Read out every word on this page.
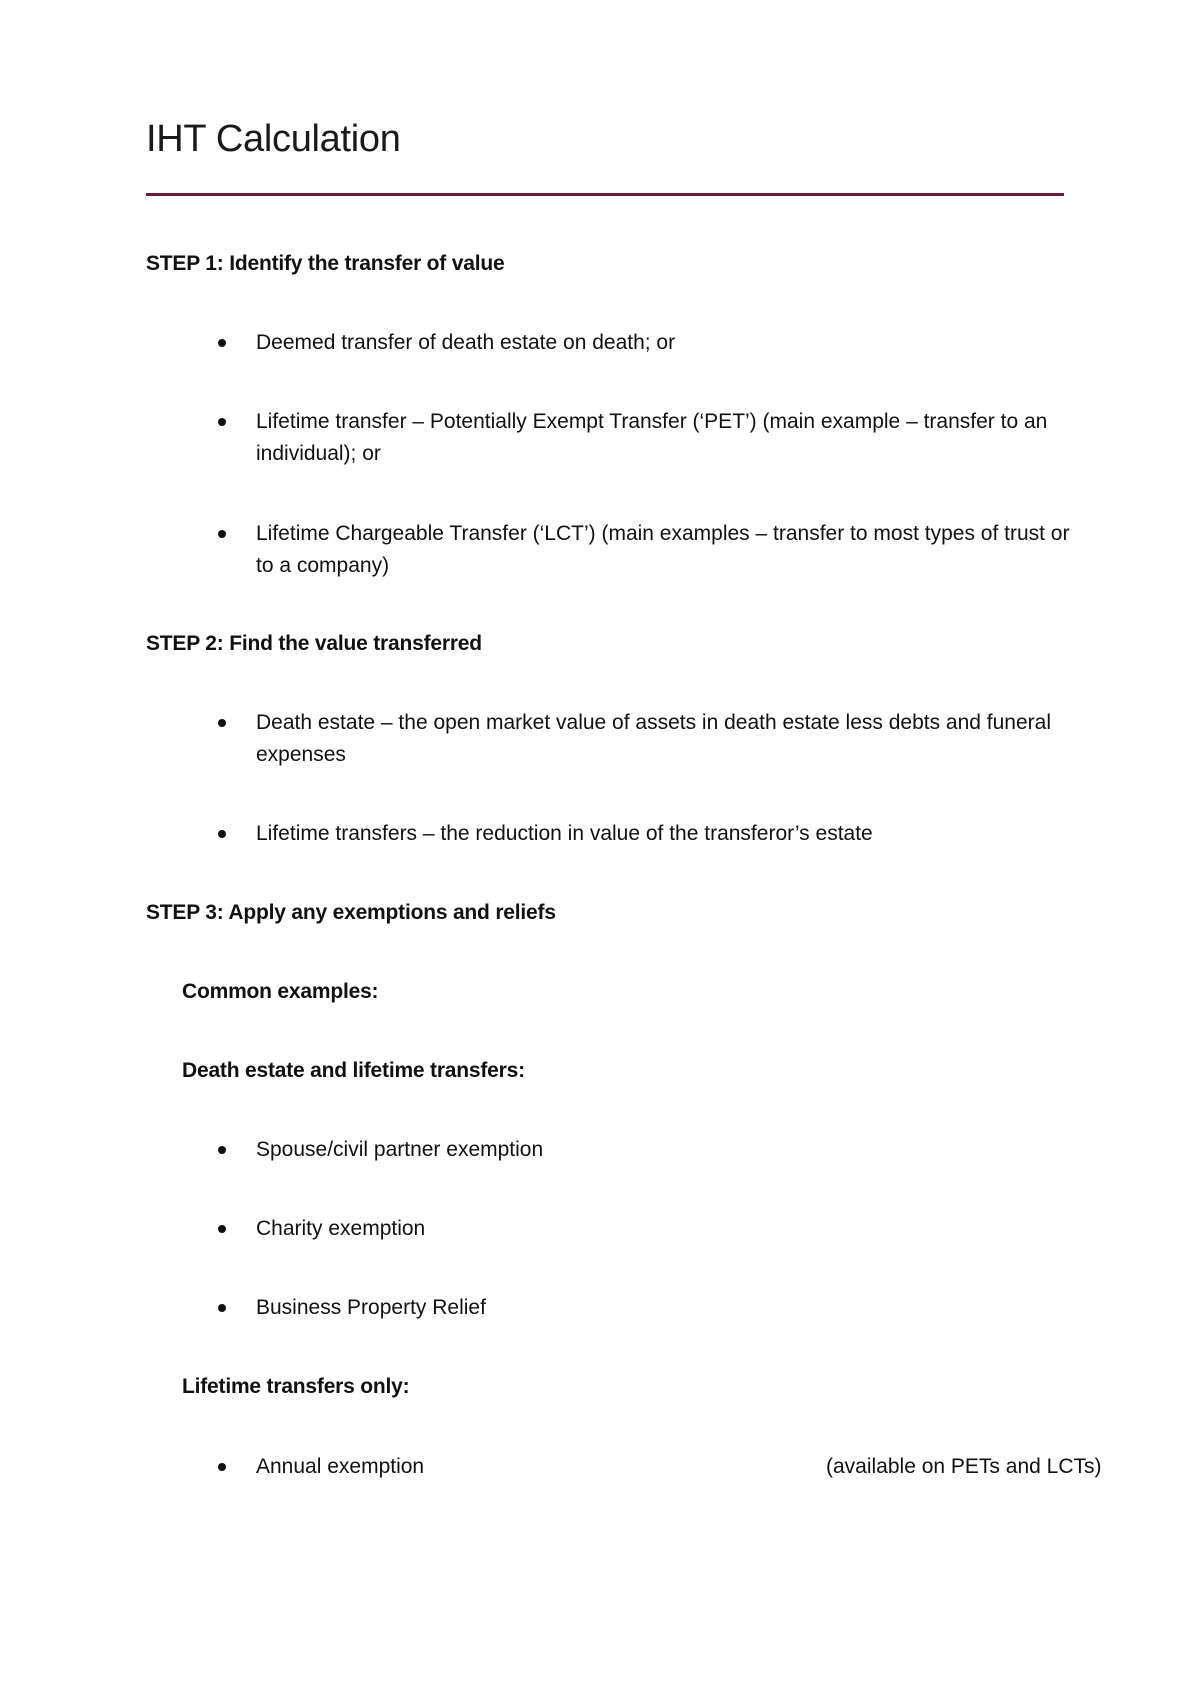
IHT Calculation
STEP 1: Identify the transfer of value
Deemed transfer of death estate on death; or
Lifetime transfer – Potentially Exempt Transfer (‘PET’) (main example – transfer to an individual); or
Lifetime Chargeable Transfer (‘LCT’) (main examples – transfer to most types of trust or to a company)
STEP 2: Find the value transferred
Death estate – the open market value of assets in death estate less debts and funeral expenses
Lifetime transfers – the reduction in value of the transferor’s estate
STEP 3: Apply any exemptions and reliefs
Common examples:
Death estate and lifetime transfers:
Spouse/civil partner exemption
Charity exemption
Business Property Relief
Lifetime transfers only:
Annual exemption	(available on PETs and LCTs)
